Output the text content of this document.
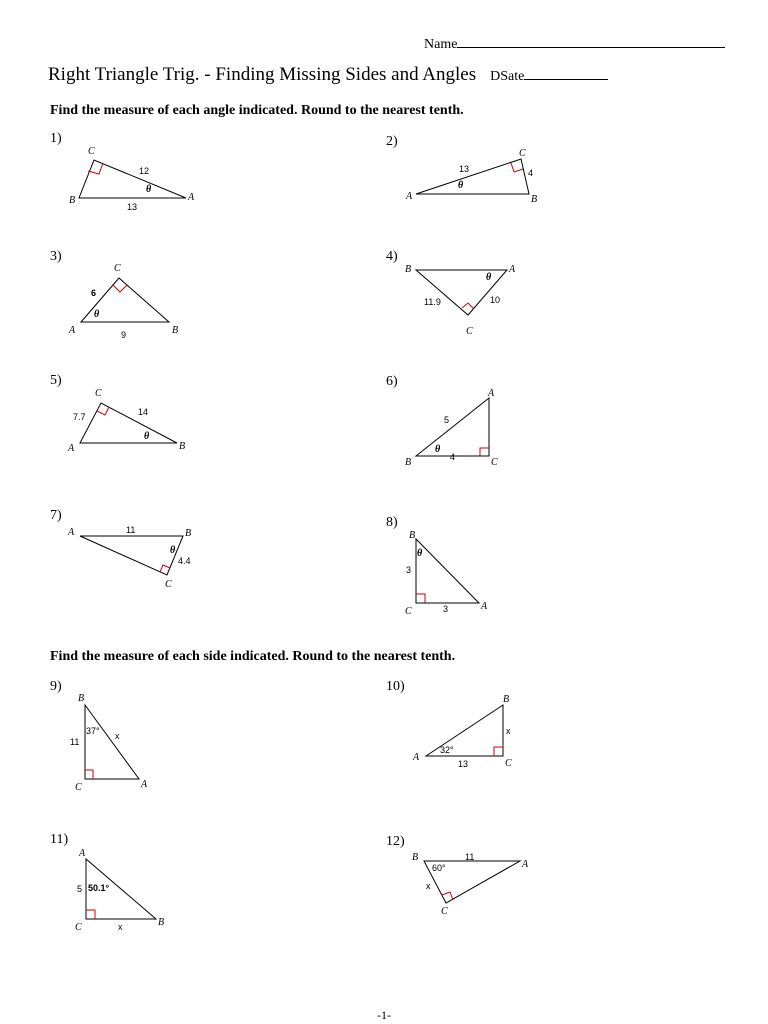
Name
Right Triangle Trig. - Finding Missing Sides and Angles DSate
Find the measure of each angle indicated. Round to the nearest tenth.
Find the measure of each side indicated. Round to the nearest tenth.
1)	2)
3)	4)
5)	6)
7)	8)
9)	10)
11)	12)
C
B	A
12
13
θ
C
A	B
13	4
θ
C
A	B
6
9
θ
B	A
C
11.9	10
θ
C
A	B
7.7	14
θ
A
B	C
5
4
θ
A	B
C
11
4.4
θ
B
C	A
3
3
θ
B
C	A
11
37° x
B
A
C
32°
13
x
A
C	B
5 50.1°
x
B
A
C
60°
11
x
-1-
